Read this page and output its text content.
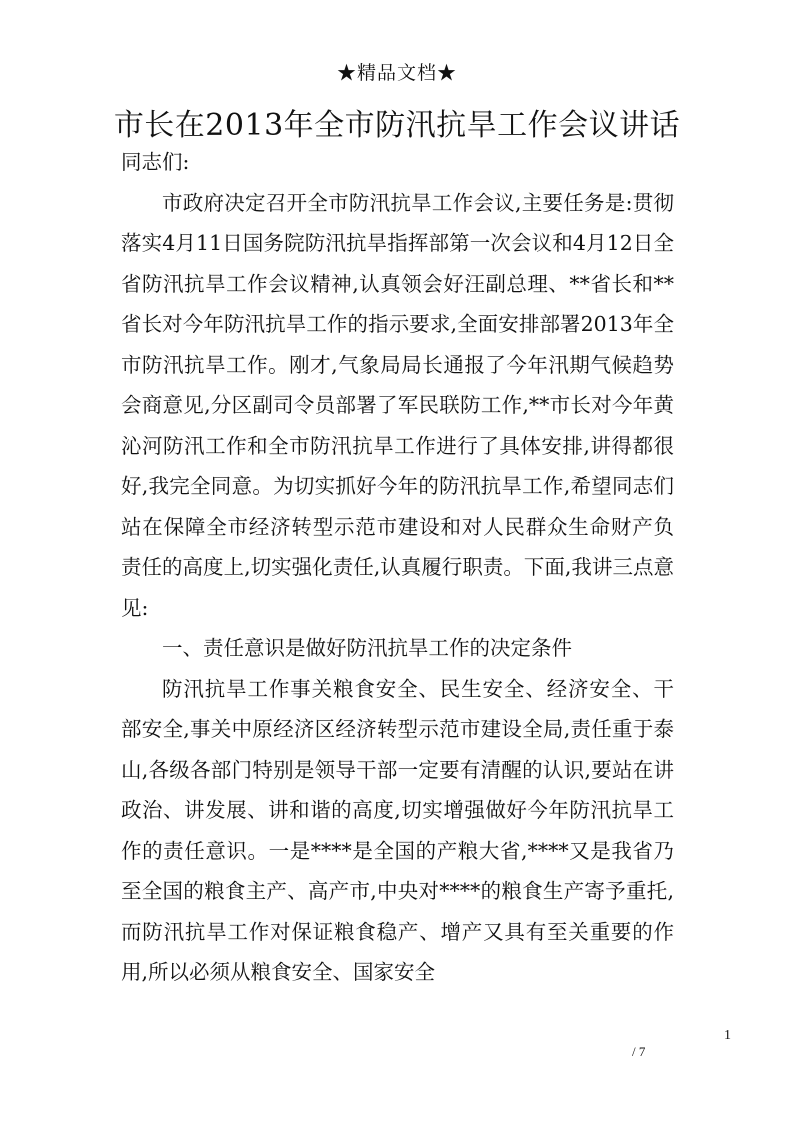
★精品文档★
市长在2013年全市防汛抗旱工作会议讲话

同志们:

市政府决定召开全市防汛抗旱工作会议,主要任务是:贯彻落实4月11日国务院防汛抗旱指挥部第一次会议和4月12日全省防汛抗旱工作会议精神,认真领会好汪副总理、**省长和**省长对今年防汛抗旱工作的指示要求,全面安排部署2013年全市防汛抗旱工作。刚才,气象局局长通报了今年汛期气候趋势会商意见,分区副司令员部署了军民联防工作,**市长对今年黄沁河防汛工作和全市防汛抗旱工作进行了具体安排,讲得都很好,我完全同意。为切实抓好今年的防汛抗旱工作,希望同志们站在保障全市经济转型示范市建设和对人民群众生命财产负责任的高度上,切实强化责任,认真履行职责。下面,我讲三点意见:

一、责任意识是做好防汛抗旱工作的决定条件

防汛抗旱工作事关粮食安全、民生安全、经济安全、干部安全,事关中原经济区经济转型示范市建设全局,责任重于泰山,各级各部门特别是领导干部一定要有清醒的认识,要站在讲政治、讲发展、讲和谐的高度,切实增强做好今年防汛抗旱工作的责任意识。一是****是全国的产粮大省,****又是我省乃至全国的粮食主产、高产市,中央对****的粮食生产寄予重托,而防汛抗旱工作对保证粮食稳产、增产又具有至关重要的作用,所以必须从粮食安全、国家安全

1
/ 7
